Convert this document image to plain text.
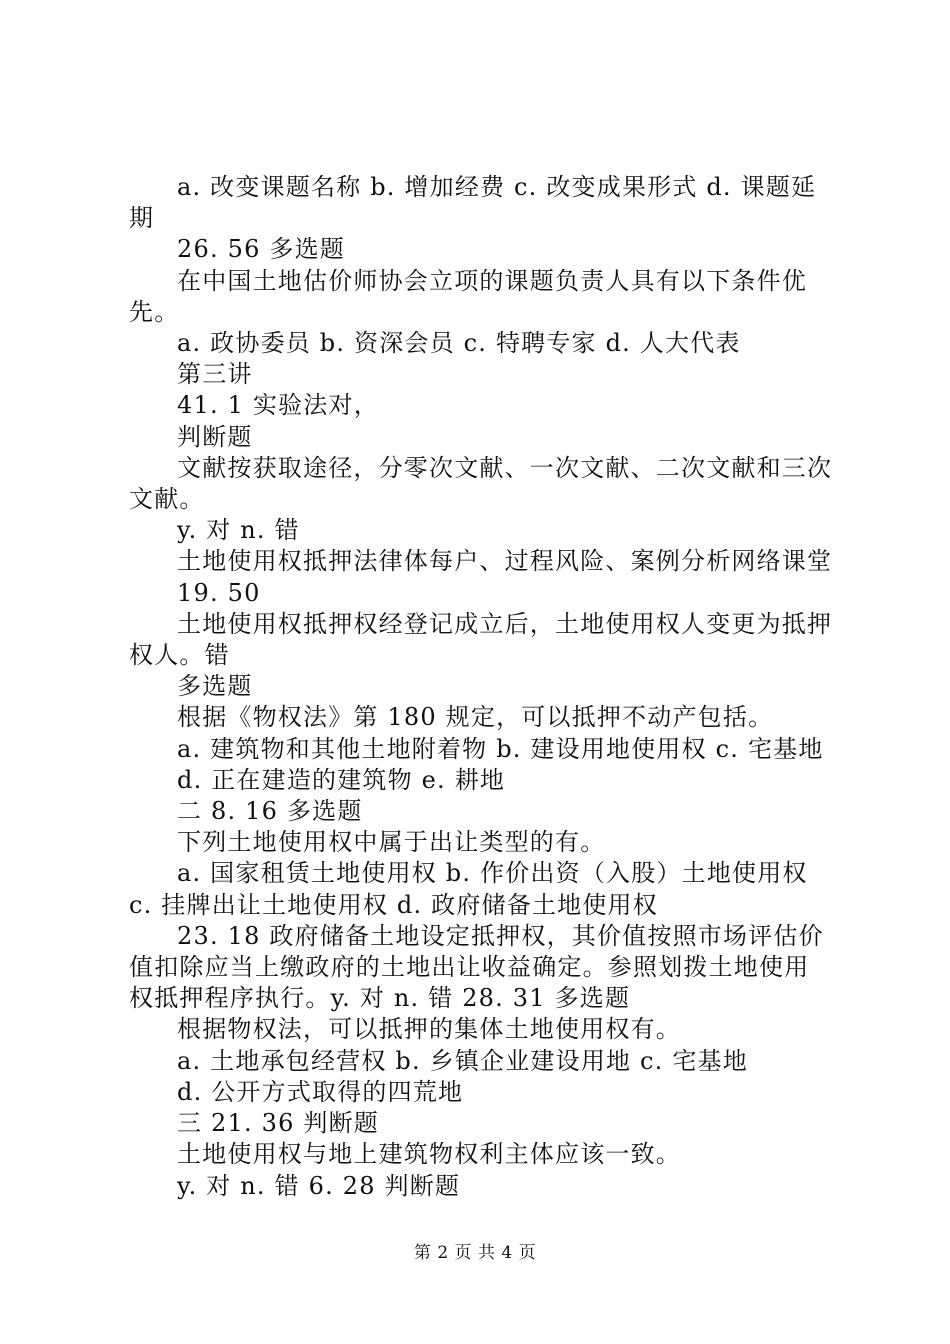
a. 改变课题名称 b. 增加经费 c. 改变成果形式 d. 课题延期

26. 56 多选题

在中国土地估价师协会立项的课题负责人具有以下条件优先。

a. 政协委员 b. 资深会员 c. 特聘专家 d. 人大代表

第三讲

41. 1 实验法对，

判断题

文献按获取途径，分零次文献、一次文献、二次文献和三次文献。

y. 对 n. 错

土地使用权抵押法律体每户、过程风险、案例分析网络课堂

19. 50

土地使用权抵押权经登记成立后，土地使用权人变更为抵押权人。错

多选题

根据《物权法》第 180 规定，可以抵押不动产包括。

a. 建筑物和其他土地附着物 b. 建设用地使用权 c. 宅基地

d. 正在建造的建筑物 e. 耕地

二 8. 16 多选题

下列土地使用权中属于出让类型的有。

a. 国家租赁土地使用权 b. 作价出资（入股）土地使用权 c. 挂牌出让土地使用权 d. 政府储备土地使用权

23. 18 政府储备土地设定抵押权，其价值按照市场评估价值扣除应当上缴政府的土地出让收益确定。参照划拨土地使用权抵押程序执行。y. 对 n. 错 28. 31 多选题

根据物权法，可以抵押的集体土地使用权有。

a. 土地承包经营权 b. 乡镇企业建设用地 c. 宅基地

d. 公开方式取得的四荒地

三 21. 36 判断题

土地使用权与地上建筑物权利主体应该一致。

y. 对 n. 错 6. 28 判断题

第 2 页 共 4 页
